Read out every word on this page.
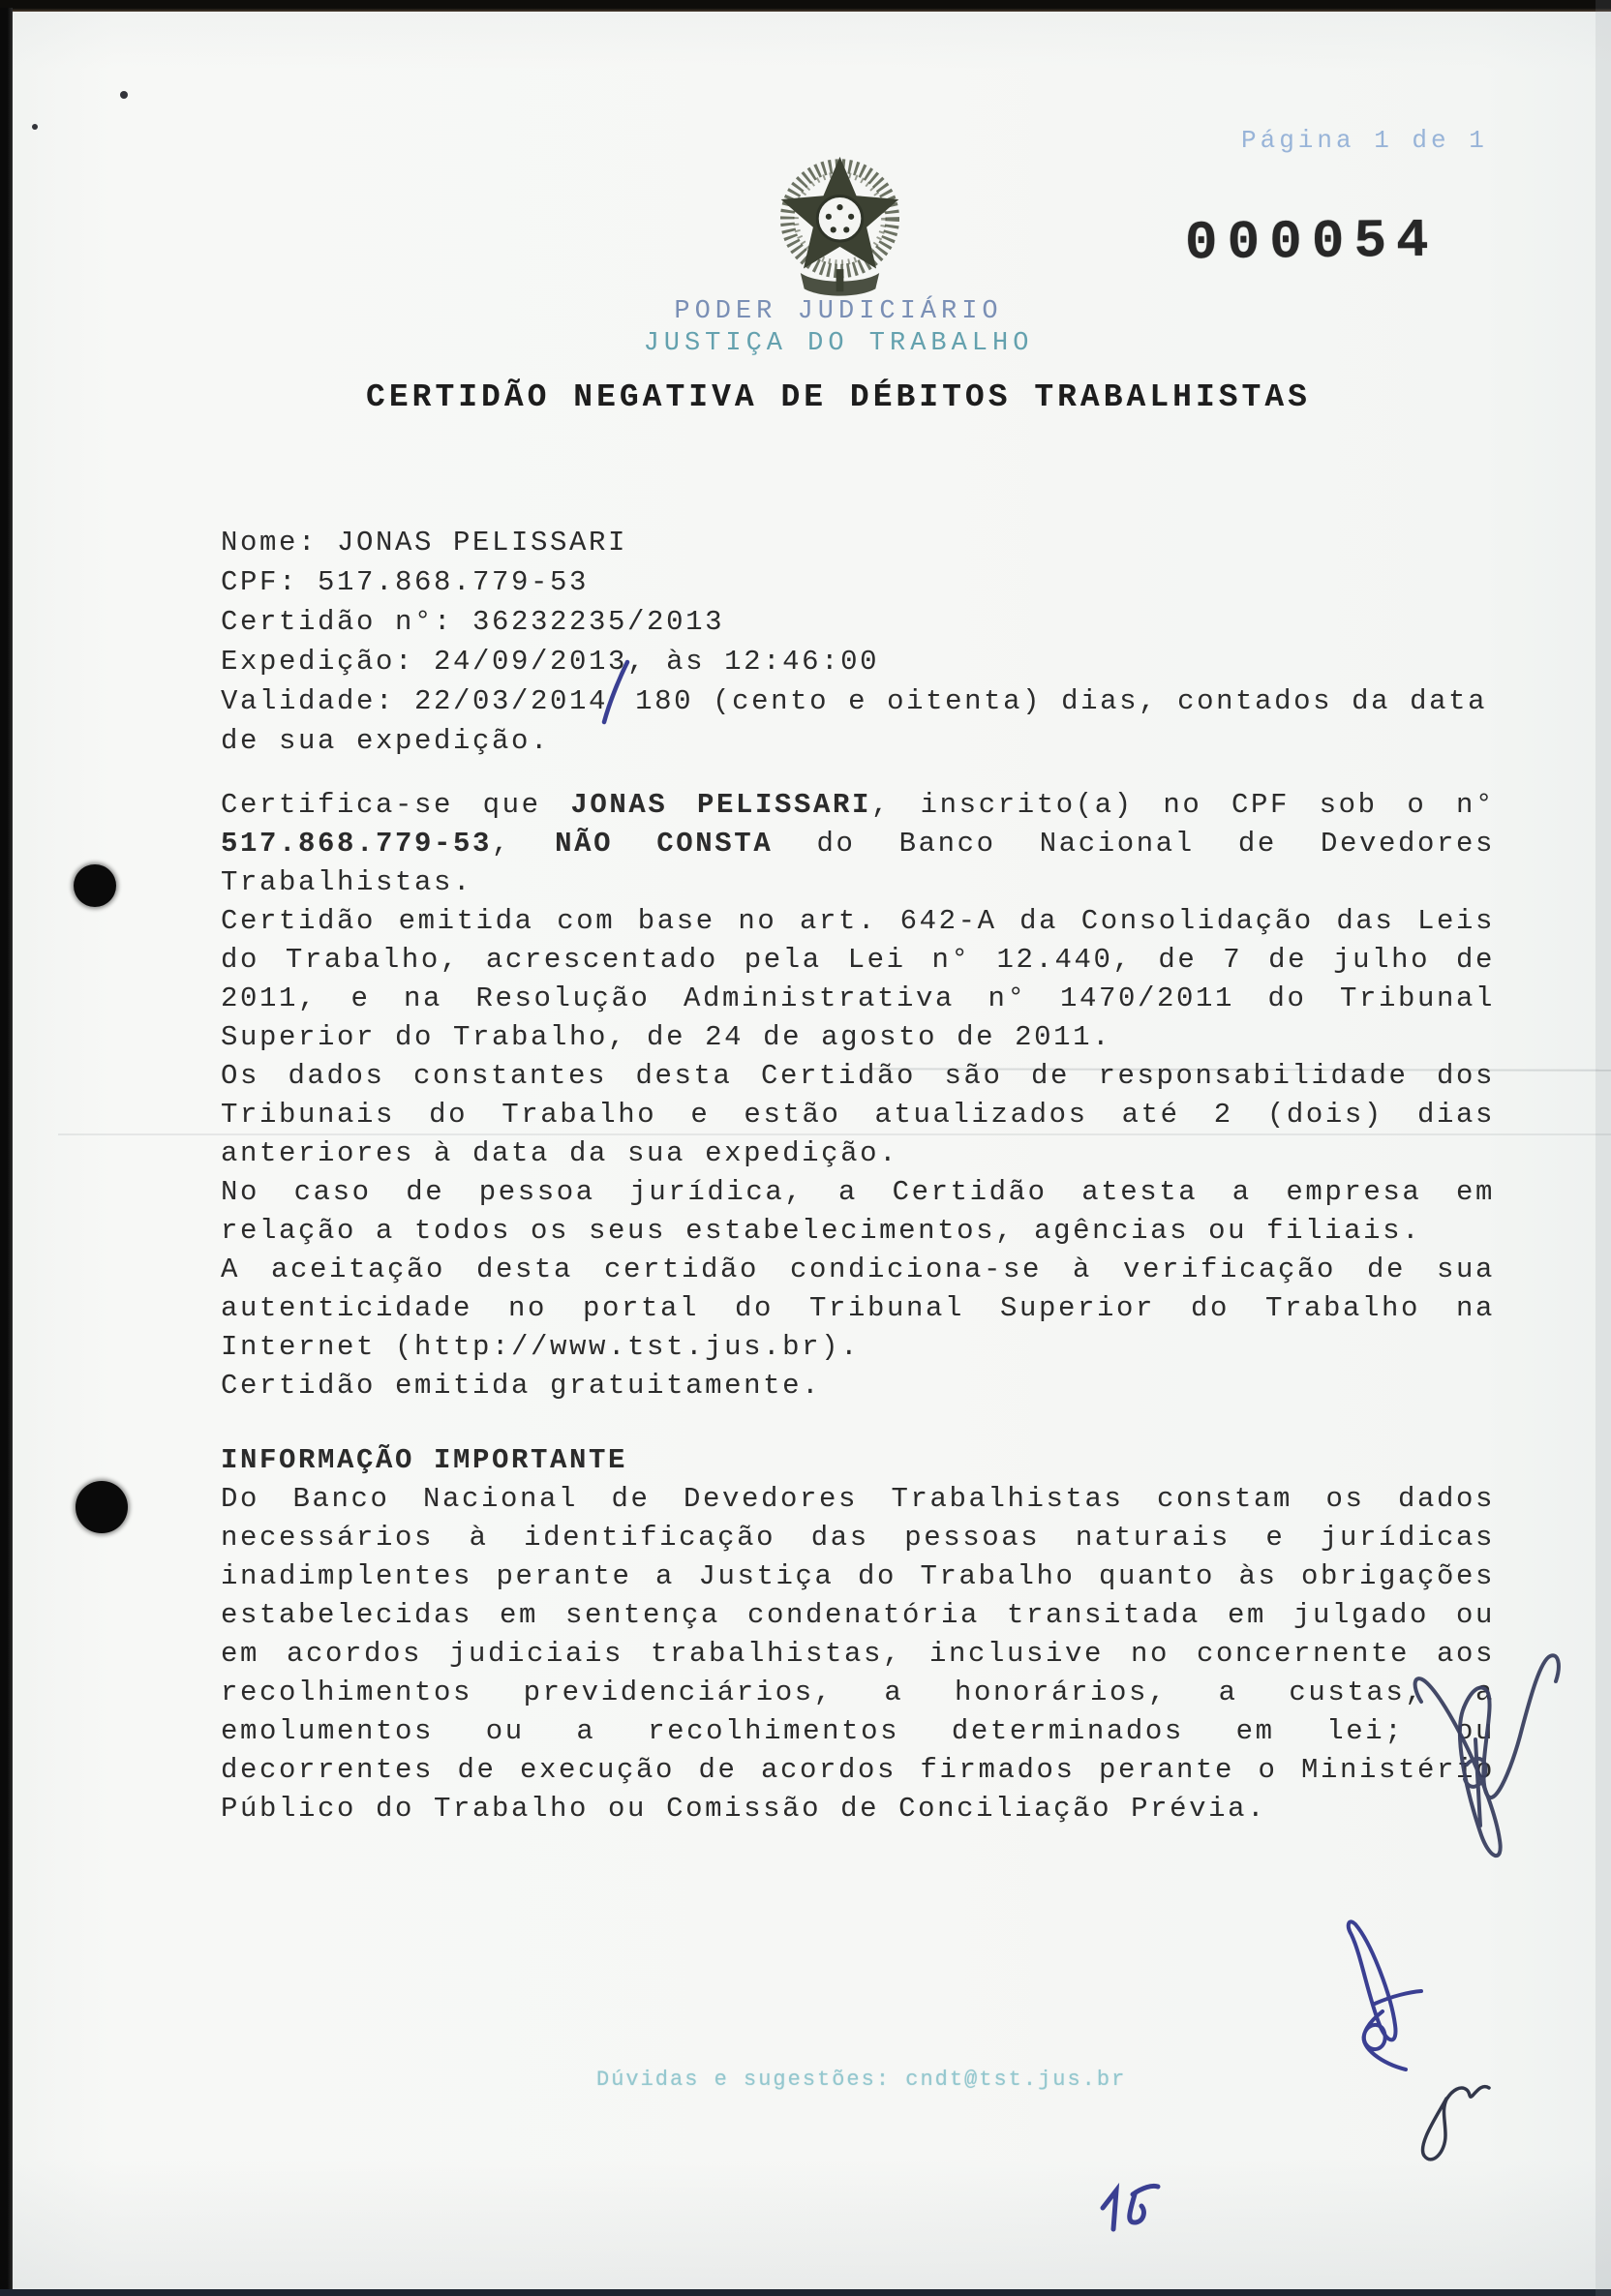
Página 1 de 1
000054
PODER JUDICIÁRIO
JUSTIÇA DO TRABALHO
CERTIDÃO NEGATIVA DE DÉBITOS TRABALHISTAS
Nome: JONAS PELISSARI
CPF: 517.868.779-53
Certidão n°: 36232235/2013
Expedição: 24/09/2013, às 12:46:00
Validade: 22/03/2014 180 (cento e oitenta) dias, contados da data
de sua expedição.

Certifica-se que JONAS PELISSARI, inscrito(a) no CPF sob o n° 517.868.779-53, NÃO CONSTA do Banco Nacional de Devedores Trabalhistas.

Certidão emitida com base no art. 642-A da Consolidação das Leis do Trabalho, acrescentado pela Lei n° 12.440, de 7 de julho de 2011, e na Resolução Administrativa n° 1470/2011 do Tribunal Superior do Trabalho, de 24 de agosto de 2011.

Os dados constantes desta Certidão são de responsabilidade dos Tribunais do Trabalho e estão atualizados até 2 (dois) dias anteriores à data da sua expedição.

No caso de pessoa jurídica, a Certidão atesta a empresa em relação a todos os seus estabelecimentos, agências ou filiais.

A aceitação desta certidão condiciona-se à verificação de sua autenticidade no portal do Tribunal Superior do Trabalho na Internet (http://www.tst.jus.br).

Certidão emitida gratuitamente.

INFORMAÇÃO IMPORTANTE

Do Banco Nacional de Devedores Trabalhistas constam os dados necessários à identificação das pessoas naturais e jurídicas inadimplentes perante a Justiça do Trabalho quanto às obrigações estabelecidas em sentença condenatória transitada em julgado ou em acordos judiciais trabalhistas, inclusive no concernente aos recolhimentos previdenciários, a honorários, a custas, a emolumentos ou a recolhimentos determinados em lei; ou decorrentes de execução de acordos firmados perante o Ministério Público do Trabalho ou Comissão de Conciliação Prévia.

Dúvidas e sugestões: cndt@tst.jus.br
